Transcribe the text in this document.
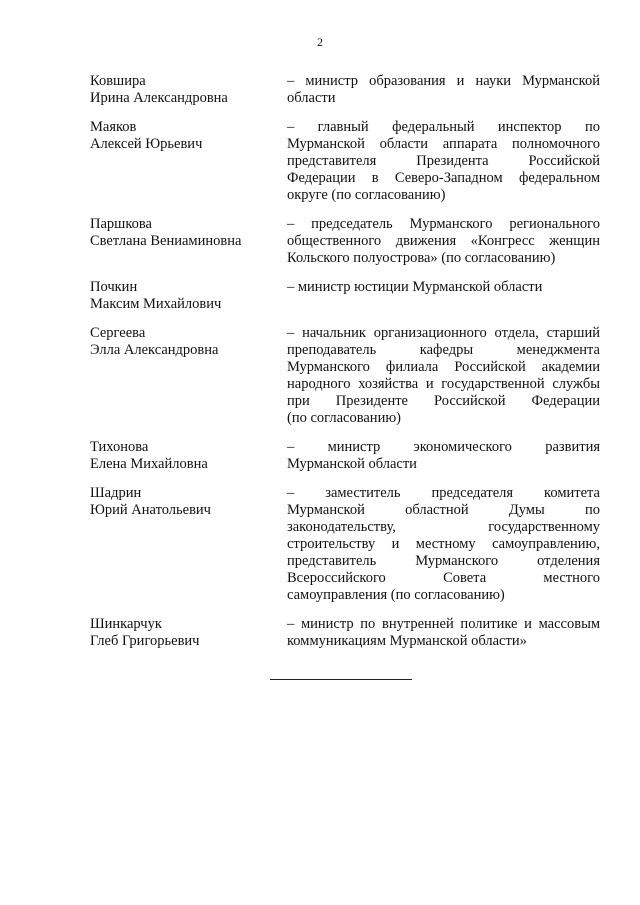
2
Ковшира
Ирина Александровна
– министр образования и науки Мурманской
области
Маяков
Алексей Юрьевич
– главный федеральный инспектор по
Мурманской области аппарата полномочного
представителя Президента Российской
Федерации в Северо-Западном федеральном
округе (по согласованию)
Паршкова
Светлана Вениаминовна
– председатель Мурманского регионального
общественного движения «Конгресс женщин
Кольского полуострова» (по согласованию)
Почкин
Максим Михайлович
– министр юстиции Мурманской области
Сергеева
Элла Александровна
– начальник организационного отдела, старший
преподаватель кафедры менеджмента
Мурманского филиала Российской академии
народного хозяйства и государственной службы
при Президенте Российской Федерации
(по согласованию)
Тихонова
Елена Михайловна
– министр экономического развития
Мурманской области
Шадрин
Юрий Анатольевич
– заместитель председателя комитета
Мурманской областной Думы по
законодательству, государственному
строительству и местному самоуправлению,
представитель Мурманского отделения
Всероссийского Совета местного
самоуправления (по согласованию)
Шинкарчук
Глеб Григорьевич
– министр по внутренней политике и массовым
коммуникациям Мурманской области»
